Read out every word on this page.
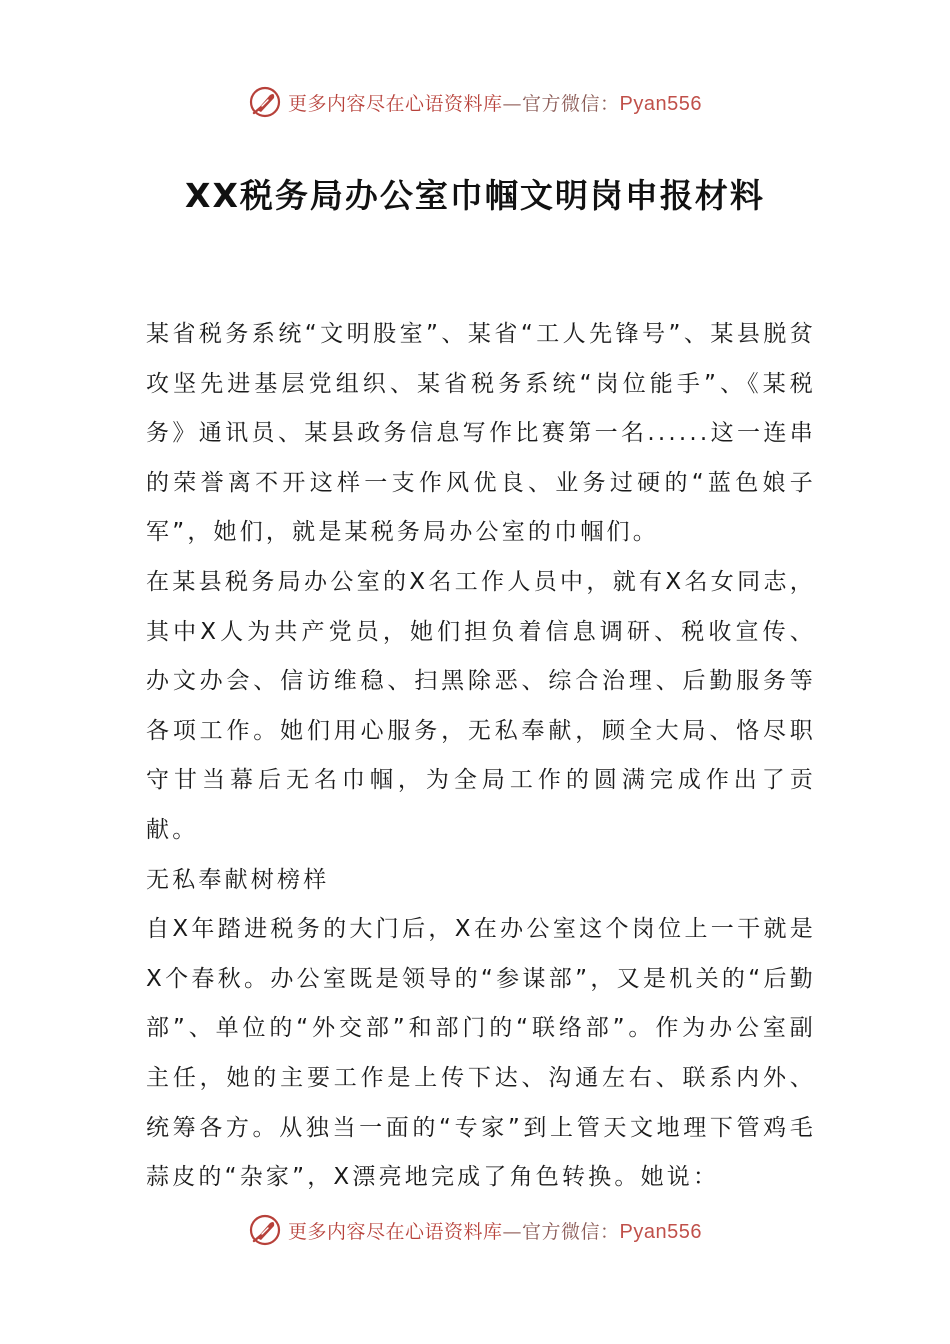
更多内容尽在心语资料库—官方微信：Pyan556
XX税务局办公室巾帼文明岗申报材料

某省税务系统“文明股室”、某省“工人先锋号”、某县脱贫攻坚先进基层党组织、某省税务系统“岗位能手”、《某税务》通讯员、某县政务信息写作比赛第一名......这一连串的荣誉离不开这样一支作风优良、业务过硬的“蓝色娘子军”，她们，就是某税务局办公室的巾帼们。

在某县税务局办公室的X名工作人员中，就有X名女同志，其中X人为共产党员，她们担负着信息调研、税收宣传、办文办会、信访维稳、扫黑除恶、综合治理、后勤服务等各项工作。她们用心服务，无私奉献，顾全大局、恪尽职守甘当幕后无名巾帼，为全局工作的圆满完成作出了贡献。

无私奉献树榜样

自X年踏进税务的大门后，X在办公室这个岗位上一干就是X个春秋。办公室既是领导的“参谋部”，又是机关的“后勤部”、单位的“外交部”和部门的“联络部”。作为办公室副主任，她的主要工作是上传下达、沟通左右、联系内外、统筹各方。从独当一面的“专家”到上管天文地理下管鸡毛蒜皮的“杂家”，X漂亮地完成了角色转换。她说：

更多内容尽在心语资料库—官方微信：Pyan556
